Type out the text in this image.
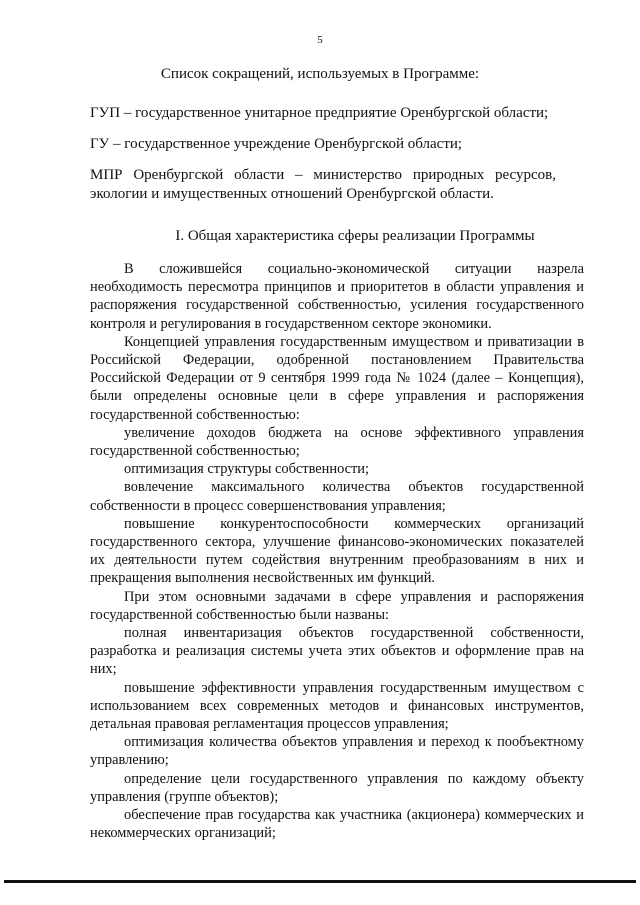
5
Список сокращений, используемых в Программе:
ГУП – государственное унитарное предприятие Оренбургской области;
ГУ – государственное учреждение Оренбургской области;
МПР Оренбургской области – министерство природных ресурсов, экологии и имущественных отношений Оренбургской области.
I. Общая характеристика сферы реализации Программы

В сложившейся социально-экономической ситуации назрела необходимость пересмотра принципов и приоритетов в области управления и распоряжения государственной собственностью, усиления государственного контроля и регулирования в государственном секторе экономики.

Концепцией управления государственным имуществом и приватизации в Российской Федерации, одобренной постановлением Правительства Российской Федерации от 9 сентября 1999 года № 1024 (далее – Концепция), были определены основные цели в сфере управления и распоряжения государственной собственностью:

увеличение доходов бюджета на основе эффективного управления государственной собственностью;

оптимизация структуры собственности;

вовлечение максимального количества объектов государственной собственности в процесс совершенствования управления;

повышение конкурентоспособности коммерческих организаций государственного сектора, улучшение финансово-экономических показателей их деятельности путем содействия внутренним преобразованиям в них и прекращения выполнения несвойственных им функций.

При этом основными задачами в сфере управления и распоряжения государственной собственностью были названы:

полная инвентаризация объектов государственной собственности, разработка и реализация системы учета этих объектов и оформление прав на них;

повышение эффективности управления государственным имуществом с использованием всех современных методов и финансовых инструментов, детальная правовая регламентация процессов управления;

оптимизация количества объектов управления и переход к пообъектному управлению;

определение цели государственного управления по каждому объекту управления (группе объектов);

обеспечение прав государства как участника (акционера) коммерческих и некоммерческих организаций;
